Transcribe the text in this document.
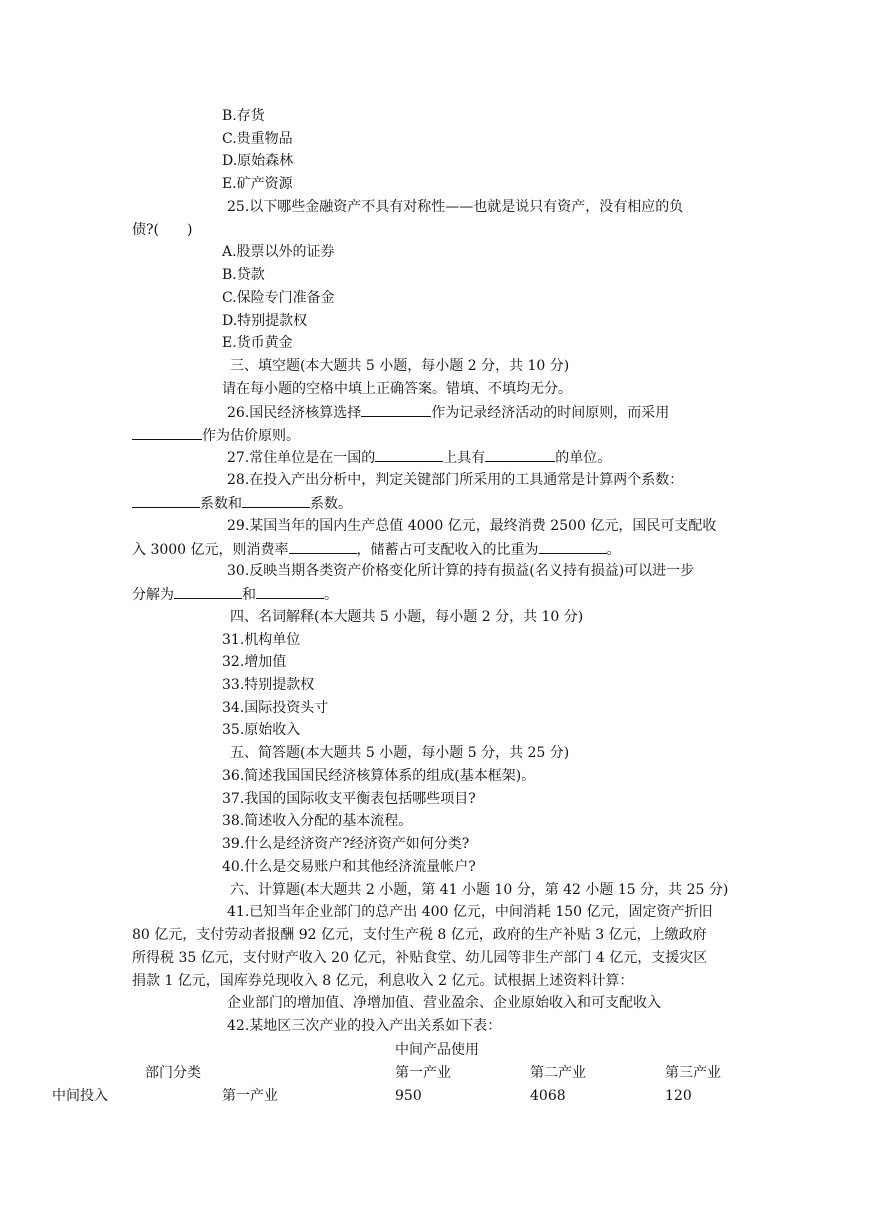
B.存货
C.贵重物品
D.原始森林
E.矿产资源
25.以下哪些金融资产不具有对称性——也就是说只有资产，没有相应的负
债?(　　)
A.股票以外的证券
B.贷款
C.保险专门准备金
D.特别提款权
E.货币黄金
三、填空题(本大题共 5 小题，每小题 2 分，共 10 分)
请在每小题的空格中填上正确答案。错填、不填均无分。
26.国民经济核算选择	作为记录经济活动的时间原则，而采用
作为估价原则。
27.常住单位是在一国的	上具有	的单位。
28.在投入产出分析中，判定关键部门所采用的工具通常是计算两个系数：
系数和	系数。
29.某国当年的国内生产总值 4000 亿元，最终消费 2500 亿元，国民可支配收
入 3000 亿元，则消费率	，储蓄占可支配收入的比重为	。
30.反映当期各类资产价格变化所计算的持有损益(名义持有损益)可以进一步
分解为	和	。
四、名词解释(本大题共 5 小题，每小题 2 分，共 10 分)
31.机构单位
32.增加值
33.特别提款权
34.国际投资头寸
35.原始收入
五、简答题(本大题共 5 小题，每小题 5 分，共 25 分)
36.简述我国国民经济核算体系的组成(基本框架)。
37.我国的国际收支平衡表包括哪些项目?
38.简述收入分配的基本流程。
39.什么是经济资产?经济资产如何分类?
40.什么是交易账户和其他经济流量帐户?
六、计算题(本大题共 2 小题，第 41 小题 10 分，第 42 小题 15 分，共 25 分)
41.已知当年企业部门的总产出 400 亿元，中间消耗 150 亿元，固定资产折旧
80 亿元，支付劳动者报酬 92 亿元，支付生产税 8 亿元，政府的生产补贴 3 亿元，上缴政府
所得税 35 亿元，支付财产收入 20 亿元，补贴食堂、幼儿园等非生产部门 4 亿元，支援灾区
捐款 1 亿元，国库券兑现收入 8 亿元，利息收入 2 亿元。试根据上述资料计算：
企业部门的增加值、净增加值、营业盈余、企业原始收入和可支配收入
42.某地区三次产业的投入产出关系如下表：
中间产品使用
部门分类	第一产业	第二产业	第三产业
中间投入	第一产业	950	4068	120
